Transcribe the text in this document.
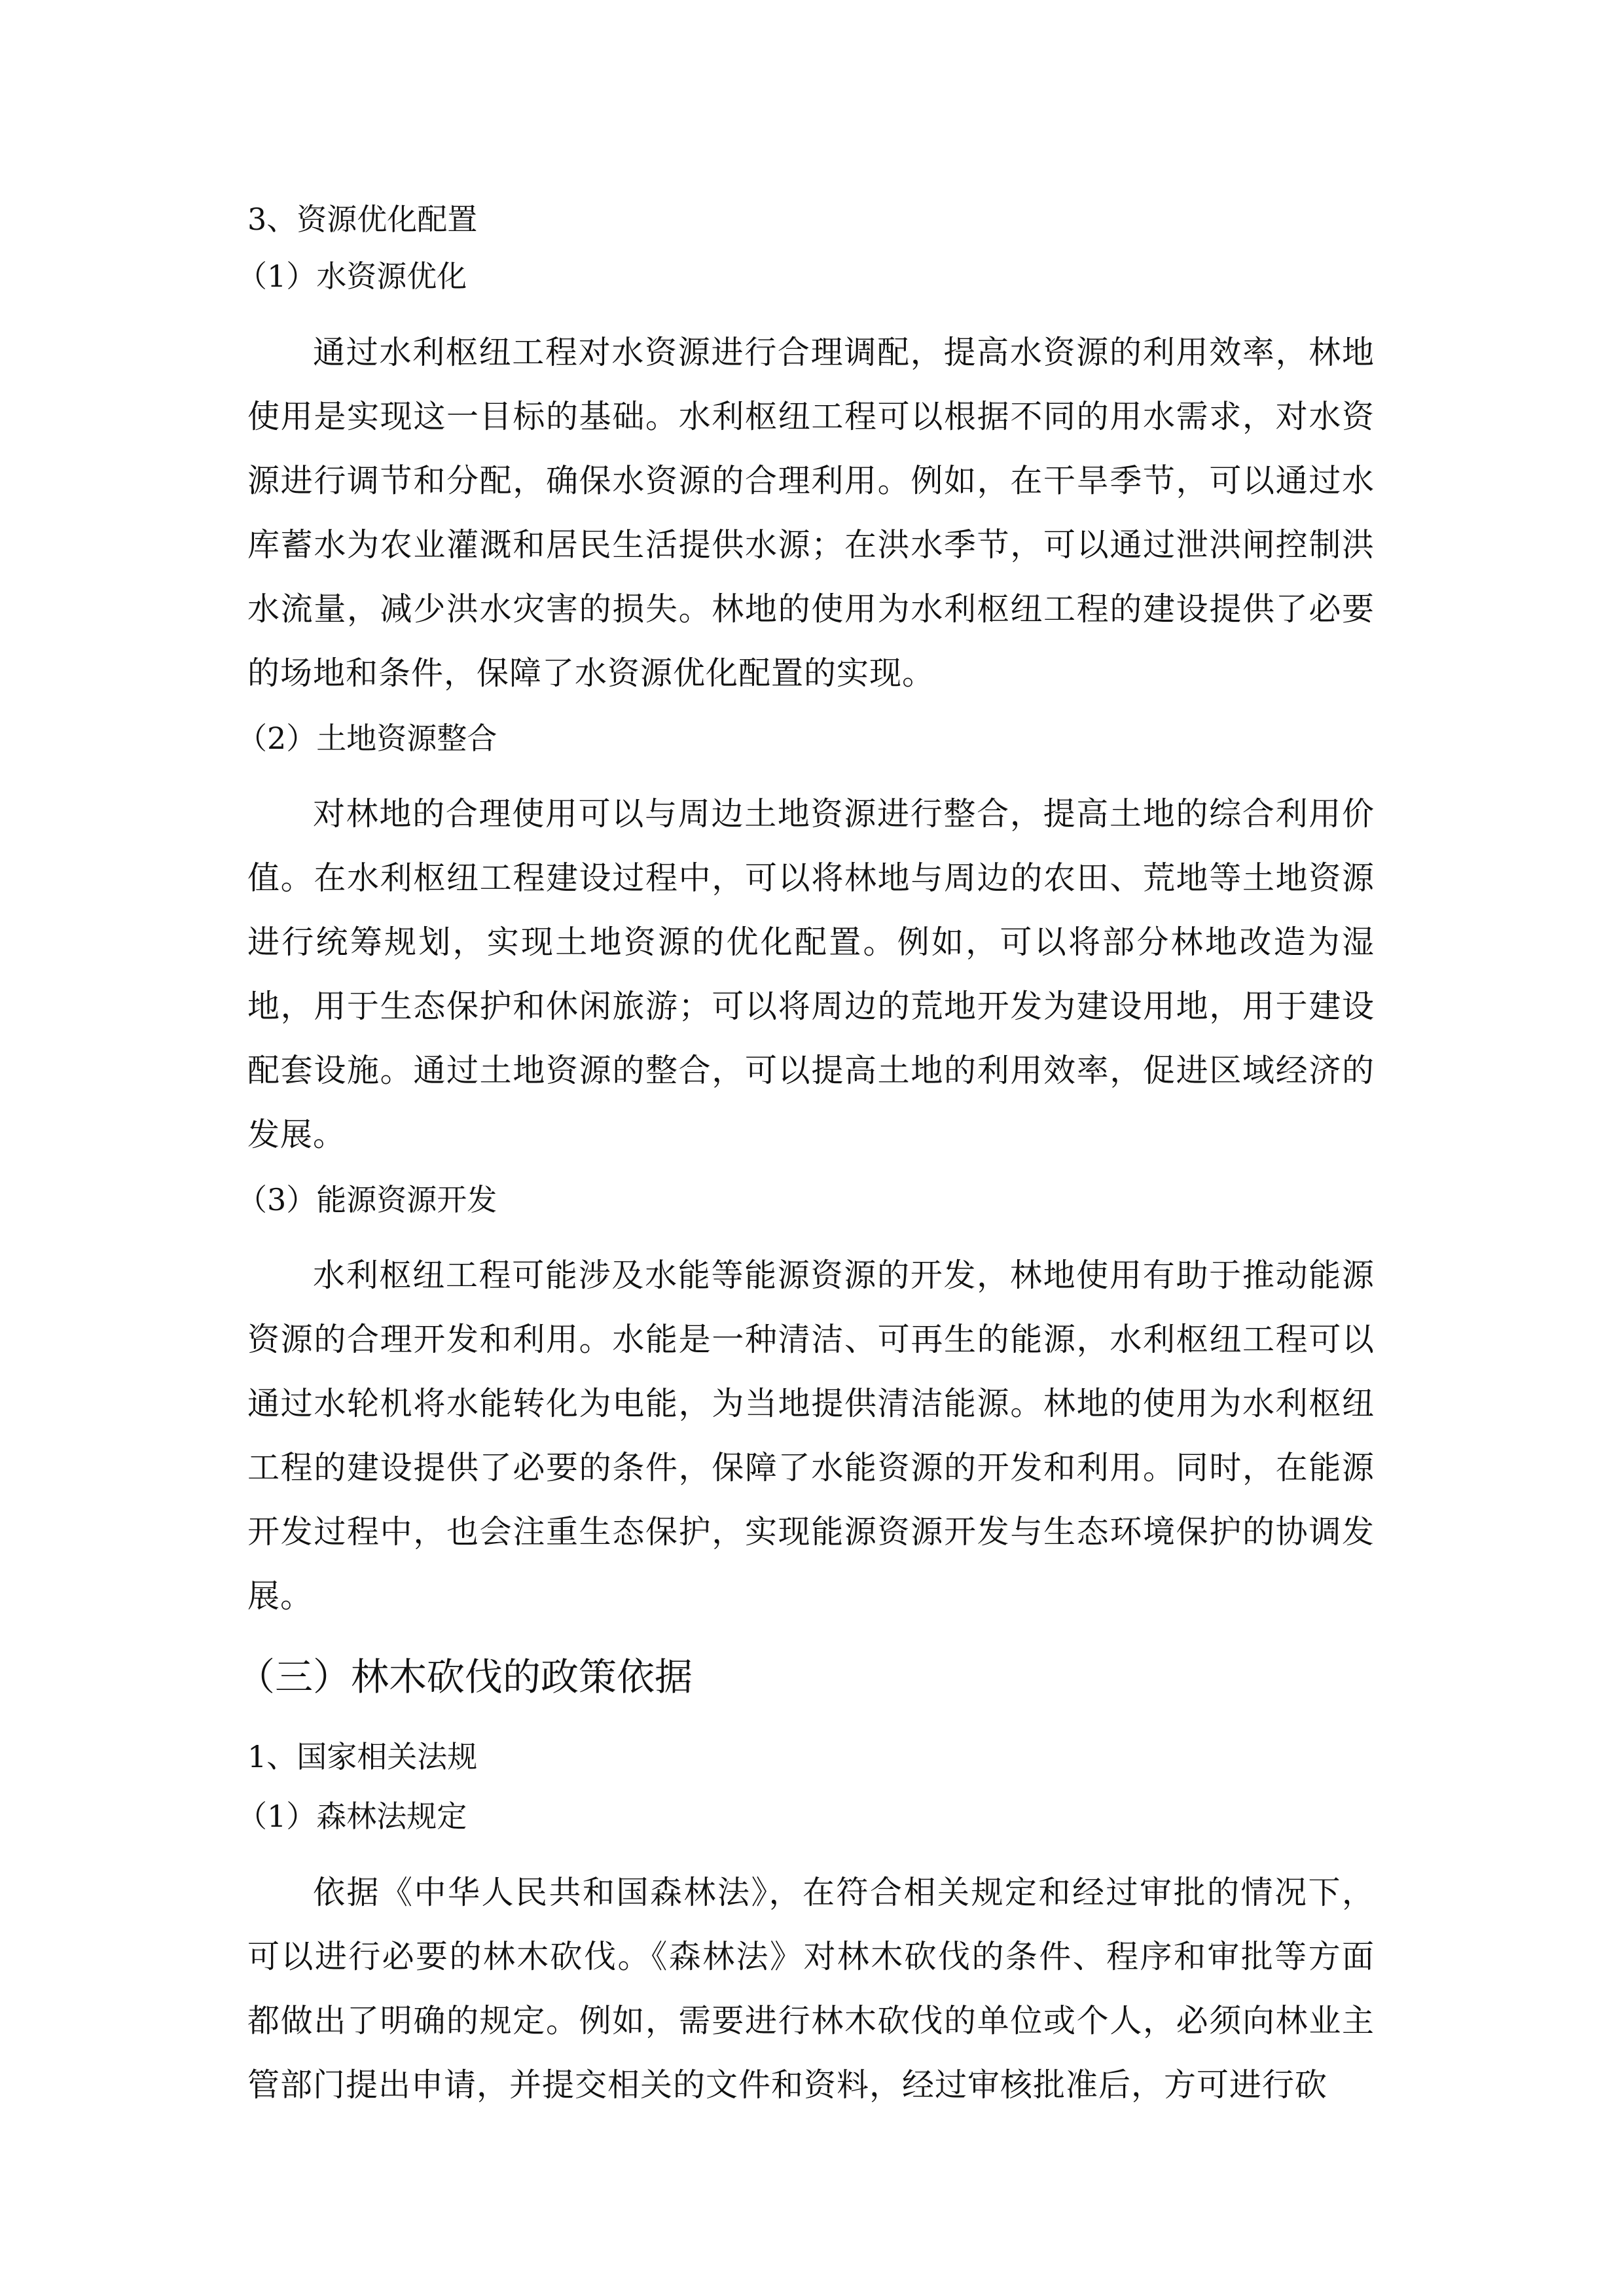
3、资源优化配置
（1）水资源优化

通过水利枢纽工程对水资源进行合理调配，提高水资源的利用效率，林地使用是实现这一目标的基础。水利枢纽工程可以根据不同的用水需求，对水资源进行调节和分配，确保水资源的合理利用。例如，在干旱季节，可以通过水库蓄水为农业灌溉和居民生活提供水源；在洪水季节，可以通过泄洪闸控制洪水流量，减少洪水灾害的损失。林地的使用为水利枢纽工程的建设提供了必要的场地和条件，保障了水资源优化配置的实现。

（2）土地资源整合

对林地的合理使用可以与周边土地资源进行整合，提高土地的综合利用价值。在水利枢纽工程建设过程中，可以将林地与周边的农田、荒地等土地资源进行统筹规划，实现土地资源的优化配置。例如，可以将部分林地改造为湿地，用于生态保护和休闲旅游；可以将周边的荒地开发为建设用地，用于建设配套设施。通过土地资源的整合，可以提高土地的利用效率，促进区域经济的发展。

（3）能源资源开发

水利枢纽工程可能涉及水能等能源资源的开发，林地使用有助于推动能源资源的合理开发和利用。水能是一种清洁、可再生的能源，水利枢纽工程可以通过水轮机将水能转化为电能，为当地提供清洁能源。林地的使用为水利枢纽工程的建设提供了必要的条件，保障了水能资源的开发和利用。同时，在能源开发过程中，也会注重生态保护，实现能源资源开发与生态环境保护的协调发展。

（三）林木砍伐的政策依据
1、国家相关法规
（1）森林法规定

依据《中华人民共和国森林法》，在符合相关规定和经过审批的情况下，可以进行必要的林木砍伐。《森林法》对林木砍伐的条件、程序和审批等方面都做出了明确的规定。例如，需要进行林木砍伐的单位或个人，必须向林业主管部门提出申请，并提交相关的文件和资料，经过审核批准后，方可进行砍
